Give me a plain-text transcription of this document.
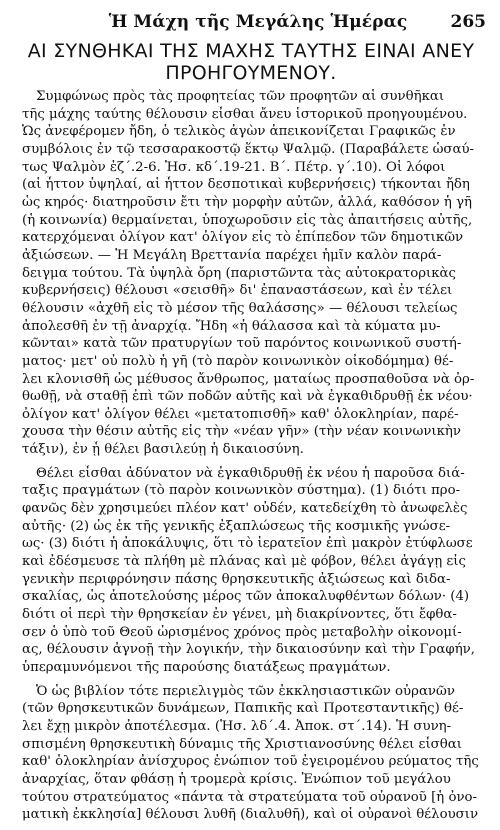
Ἡ Μάχη τῆς Μεγάλης Ἡμέρας	265
ΑΙ ΣΥΝΘΗΚΑΙ ΤΗΣ ΜΑΧΗΣ ΤΑΥΤΗΣ ΕΙΝΑΙ ΑΝΕΥ
ΠΡΟΗΓΟΥΜΕΝΟΥ.

Συμφώνως πρὸς τὰς προφητείας τῶν προφητῶν αἱ συνθῆκαι
τῆς μάχης ταύτης θέλουσιν εἶσθαι ἄνευ ἱστορικοῦ προηγουμένου.
Ὡς ἀνεφέρομεν ἤδη, ὁ τελικὸς ἀγὼν ἀπεικονίζεται Γραφικῶς ἐν
συμβόλοις ἐν τῷ τεσσαρακοστῷ ἕκτῳ Ψαλμῷ. (Παραβάλετε ὡσαύ-
τως Ψαλμὸν ἑζ΄.2-6. Ἡσ. κδ΄.19-21. Β΄. Πέτρ. γ΄.10). Οἱ λόφοι
(αἱ ἧττον ὑψηλαί, αἱ ἧττον δεσποτικαὶ κυβερνήσεις) τήκονται ἤδη
ὡς κηρός· διατηροῦσιν ἔτι τὴν μορφὴν αὐτῶν, ἀλλά, καθόσον ἡ γῆ
(ἡ κοινωνία) θερμαίνεται, ὑποχωροῦσιν εἰς τὰς ἀπαιτήσεις αὐτῆς,
κατερχόμεναι ὀλίγον κατ' ὀλίγον εἰς τὸ ἐπίπεδον τῶν δημοτικῶν
ἀξιώσεων. — Ἡ Μεγάλη Βρεττανία παρέχει ἡμῖν καλὸν παρά-
δειγμα τούτου. Τὰ ὑψηλὰ ὄρη (παριστῶντα τὰς αὐτοκρατορικὰς
κυβερνήσεις) θέλουσι «σεισθῆ» δι' ἐπαναστάσεων, καὶ ἐν τέλει
θέλουσιν «ἀχθῆ εἰς τὸ μέσον τῆς θαλάσσης» — θέλουσι τελείως
ἀπολεσθῆ ἐν τῇ ἀναρχίᾳ. Ἤδη «ἡ θάλασσα καὶ τὰ κύματα μυ-
κῶνται» κατὰ τῶν πρατυργίων τοῦ παρόντος κοινωνικοῦ συστή-
ματος· μετ' οὐ πολὺ ἡ γῆ (τὸ παρὸν κοινωνικὸν οἰκοδόμημα) θέ-
λει κλονισθῆ ὡς μέθυσος ἄνθρωπος, ματαίως προσπαθοῦσα νὰ ὀρ-
θωθῇ, νὰ σταθῇ ἐπὶ τῶν ποδῶν αὐτῆς καὶ νὰ ἐγκαθιδρυθῇ ἐκ νέου·
ὀλίγον κατ' ὀλίγον θέλει «μετατοπισθῆ» καθ' ὁλοκληρίαν, παρέ-
χουσα τὴν θέσιν αὐτῆς εἰς τὴν «νέαν γῆν» (τὴν νέαν κοινωνικὴν
τάξιν), ἐν ᾗ θέλει βασιλεύῃ ἡ δικαιοσύνη.

Θέλει εἶσθαι ἀδύνατον νὰ ἐγκαθιδρυθῇ ἐκ νέου ἡ παροῦσα διά-
ταξις πραγμάτων (τὸ παρὸν κοινωνικὸν σύστημα). (1) διότι προ-
φανῶς δὲν χρησιμεύει πλέον κατ' οὐδέν, κατεδείχθη τὸ ἀνωφελὲς
αὐτῆς· (2) ὡς ἐκ τῆς γενικῆς ἐξαπλώσεως τῆς κοσμικῆς γνώσε-
ως· (3) διότι ἡ ἀποκάλυψις, ὅτι τὸ ἱερατεῖον ἐπὶ μακρὸν ἐτύφλωσε
καὶ ἐδέσμευσε τὰ πλήθη μὲ πλάνας καὶ μὲ φόβον, θέλει ἀγάγῃ εἰς
γενικὴν περιφρόνησιν πάσης θρησκευτικῆς ἀξιώσεως καὶ διδα-
σκαλίας, ὡς ἀποτελούσης μέρος τῶν ἀποκαλυφθέντων δόλων· (4)
διότι οἱ περὶ τὴν θρησκείαν ἐν γένει, μὴ διακρίνοντες, ὅτι ἔφθα-
σεν ὁ ὑπὸ τοῦ Θεοῦ ὡρισμένος χρόνος πρὸς μεταβολὴν οἰκονομί-
ας, θέλουσιν ἀγνοῇ τὴν λογικήν, τὴν δικαιοσύνην καὶ τὴν Γραφήν,
ὑπεραμυνόμενοι τῆς παρούσης διατάξεως πραγμάτων.

Ὁ ὡς βιβλίον τότε περιελιγμὸς τῶν ἐκκλησιαστικῶν οὐρανῶν
(τῶν θρησκευτικῶν δυνάμεων, Παπικῆς καὶ Προτεσταντικῆς) θέ-
λει ἔχῃ μικρὸν ἀποτέλεσμα. (Ἡσ. λδ΄.4. Ἀποκ. στ΄.14). Ἡ συνη-
σπισμένη θρησκευτικὴ δύναμις τῆς Χριστιανοσύνης θέλει εἶσθαι
καθ' ὁλοκληρίαν ἀνίσχυρος ἐνώπιον τοῦ ἐγειρομένου ρεύματος τῆς
ἀναρχίας, ὅταν φθάσῃ ἡ τρομερὰ κρίσις. Ἐνώπιον τοῦ μεγάλου
τούτου στρατεύματος «πάντα τὰ στρατεύματα τοῦ οὐρανοῦ [ἡ ὀνο-
ματικὴ ἐκκλησία] θέλουσι λυθῆ (διαλυθῆ), καὶ οἱ οὐρανοὶ θέλουσιν
